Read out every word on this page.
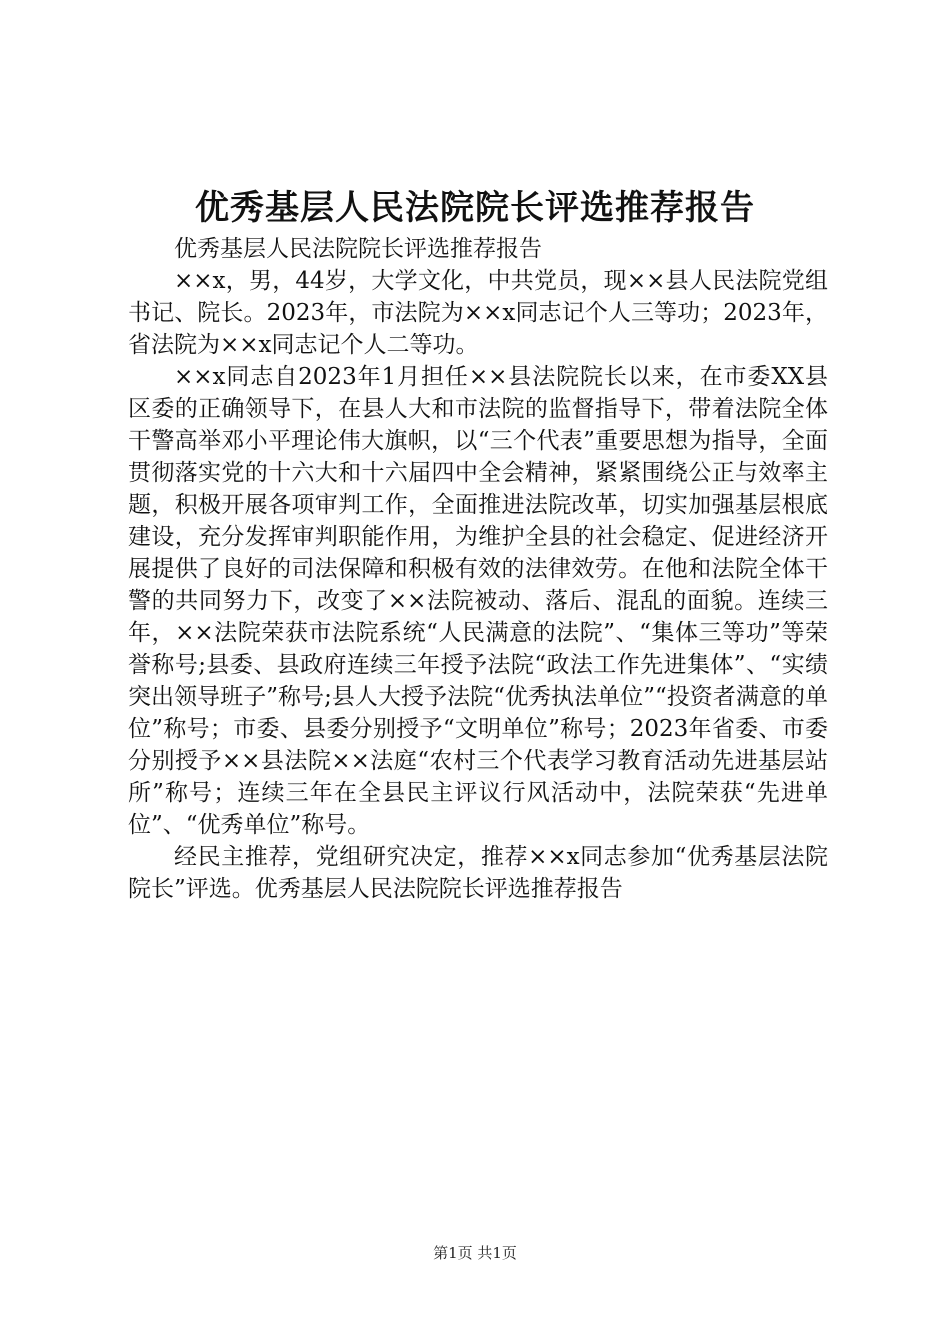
优秀基层人民法院院长评选推荐报告

优秀基层人民法院院长评选推荐报告

××x，男，44岁，大学文化，中共党员，现××县人民法院党组书记、院长。2023年，市法院为××x同志记个人三等功；2023年，省法院为××x同志记个人二等功。

××x同志自2023年1月担任××县法院院长以来，在市委XX县区委的正确领导下，在县人大和市法院的监督指导下，带着法院全体干警高举邓小平理论伟大旗帜，以“三个代表”重要思想为指导，全面贯彻落实党的十六大和十六届四中全会精神，紧紧围绕公正与效率主题，积极开展各项审判工作，全面推进法院改革，切实加强基层根底建设，充分发挥审判职能作用，为维护全县的社会稳定、促进经济开展提供了良好的司法保障和积极有效的法律效劳。在他和法院全体干警的共同努力下，改变了××法院被动、落后、混乱的面貌。连续三年，××法院荣获市法院系统“人民满意的法院”、“集体三等功”等荣誉称号;县委、县政府连续三年授予法院“政法工作先进集体”、“实绩突出领导班子”称号;县人大授予法院“优秀执法单位”“投资者满意的单位”称号；市委、县委分别授予“文明单位”称号；2023年省委、市委分别授予××县法院××法庭“农村三个代表学习教育活动先进基层站所”称号；连续三年在全县民主评议行风活动中，法院荣获“先进单位”、“优秀单位”称号。

经民主推荐，党组研究决定，推荐××x同志参加“优秀基层法院院长”评选。优秀基层人民法院院长评选推荐报告

第1页 共1页
